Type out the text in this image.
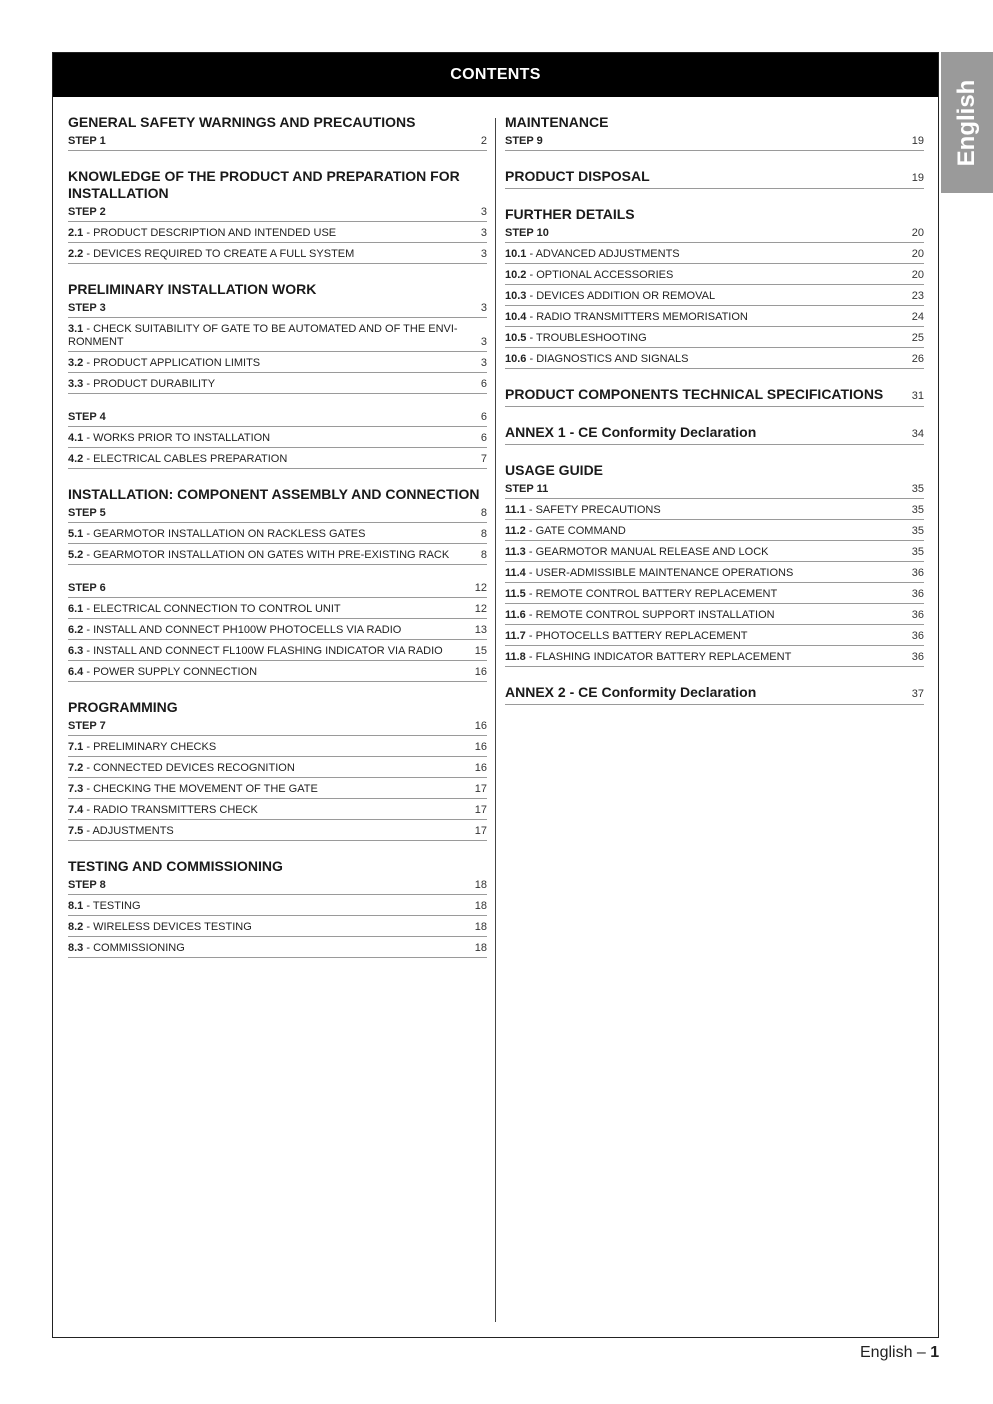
CONTENTS
English
GENERAL SAFETY WARNINGS AND PRECAUTIONS
STEP 1	2
KNOWLEDGE OF THE PRODUCT AND PREPARATION FOR INSTALLATION
STEP 2	3
2.1 - PRODUCT DESCRIPTION AND INTENDED USE	3
2.2 - DEVICES REQUIRED TO CREATE A FULL SYSTEM	3
PRELIMINARY INSTALLATION WORK
STEP 3	3
3.1 - CHECK SUITABILITY OF GATE TO BE AUTOMATED AND OF THE ENVI- RONMENT	3
3.2 - PRODUCT APPLICATION LIMITS	3
3.3 - PRODUCT DURABILITY	6
STEP 4	6
4.1 - WORKS PRIOR TO INSTALLATION	6
4.2 - ELECTRICAL CABLES PREPARATION	7
INSTALLATION: COMPONENT ASSEMBLY AND CONNECTION
STEP 5	8
5.1 - GEARMOTOR INSTALLATION ON RACKLESS GATES	8
5.2 - GEARMOTOR INSTALLATION ON GATES WITH PRE-EXISTING RACK	8
STEP 6	12
6.1 - ELECTRICAL CONNECTION TO CONTROL UNIT	12
6.2 - INSTALL AND CONNECT PH100W PHOTOCELLS VIA RADIO	13
6.3 - INSTALL AND CONNECT FL100W FLASHING INDICATOR VIA RADIO	15
6.4 - POWER SUPPLY CONNECTION	16
PROGRAMMING
STEP 7	16
7.1 - PRELIMINARY CHECKS	16
7.2 - CONNECTED DEVICES RECOGNITION	16
7.3 - CHECKING THE MOVEMENT OF THE GATE	17
7.4 - RADIO TRANSMITTERS CHECK	17
7.5 - ADJUSTMENTS	17
TESTING AND COMMISSIONING
STEP 8	18
8.1 - TESTING	18
8.2 - WIRELESS DEVICES TESTING	18
8.3 - COMMISSIONING	18
MAINTENANCE
STEP 9	19
PRODUCT DISPOSAL	19
FURTHER DETAILS
STEP 10	20
10.1 - ADVANCED ADJUSTMENTS	20
10.2 - OPTIONAL ACCESSORIES	20
10.3 - DEVICES ADDITION OR REMOVAL	23
10.4 - RADIO TRANSMITTERS MEMORISATION	24
10.5 - TROUBLESHOOTING	25
10.6 - DIAGNOSTICS AND SIGNALS	26
PRODUCT COMPONENTS TECHNICAL SPECIFICATIONS	31
ANNEX 1 - CE Conformity Declaration	34
USAGE GUIDE
STEP 11	35
11.1 - SAFETY PRECAUTIONS	35
11.2 - GATE COMMAND	35
11.3 - GEARMOTOR MANUAL RELEASE AND LOCK	35
11.4 - USER-ADMISSIBLE MAINTENANCE OPERATIONS	36
11.5 - REMOTE CONTROL BATTERY REPLACEMENT	36
11.6 - REMOTE CONTROL SUPPORT INSTALLATION	36
11.7 - PHOTOCELLS BATTERY REPLACEMENT	36
11.8 - FLASHING INDICATOR BATTERY REPLACEMENT	36
ANNEX 2 - CE Conformity Declaration	37
English – 1
